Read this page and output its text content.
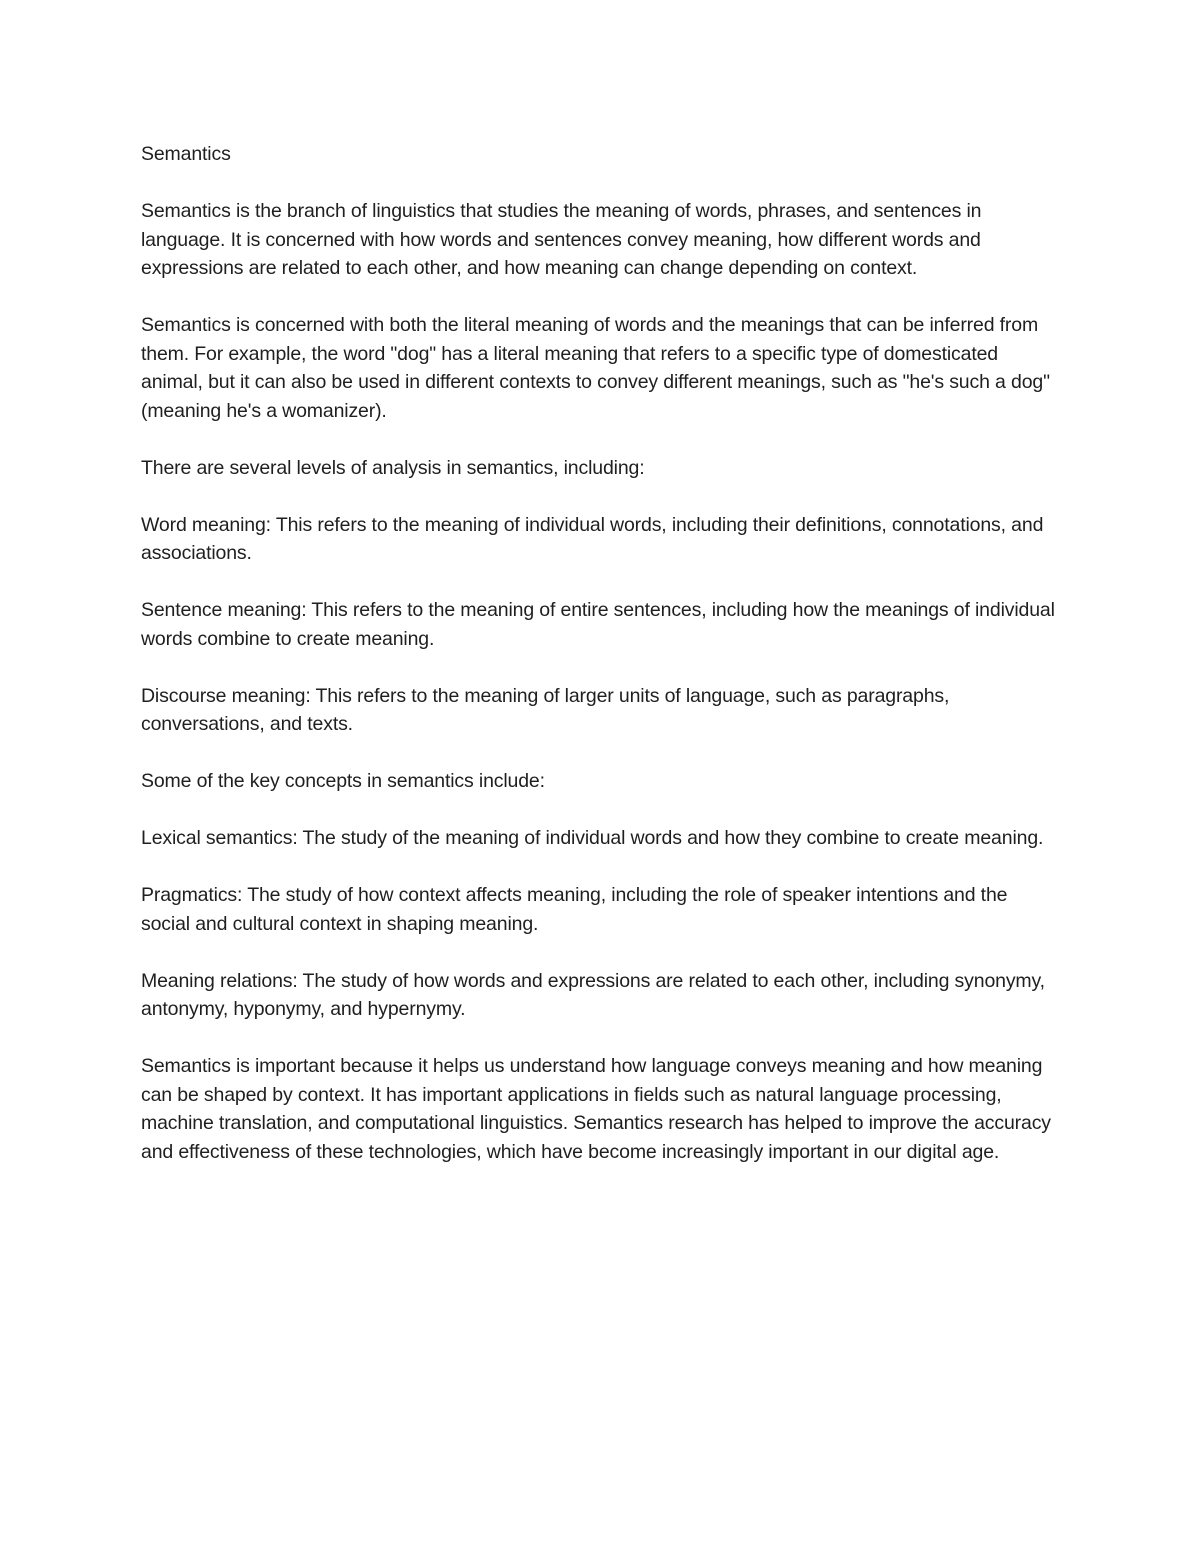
Semantics

Semantics is the branch of linguistics that studies the meaning of words, phrases, and sentences in language. It is concerned with how words and sentences convey meaning, how different words and expressions are related to each other, and how meaning can change depending on context.

Semantics is concerned with both the literal meaning of words and the meanings that can be inferred from them. For example, the word "dog" has a literal meaning that refers to a specific type of domesticated animal, but it can also be used in different contexts to convey different meanings, such as "he's such a dog" (meaning he's a womanizer).

There are several levels of analysis in semantics, including:

Word meaning: This refers to the meaning of individual words, including their definitions, connotations, and associations.

Sentence meaning: This refers to the meaning of entire sentences, including how the meanings of individual words combine to create meaning.

Discourse meaning: This refers to the meaning of larger units of language, such as paragraphs, conversations, and texts.

Some of the key concepts in semantics include:

Lexical semantics: The study of the meaning of individual words and how they combine to create meaning.

Pragmatics: The study of how context affects meaning, including the role of speaker intentions and the social and cultural context in shaping meaning.

Meaning relations: The study of how words and expressions are related to each other, including synonymy, antonymy, hyponymy, and hypernymy.

Semantics is important because it helps us understand how language conveys meaning and how meaning can be shaped by context. It has important applications in fields such as natural language processing, machine translation, and computational linguistics. Semantics research has helped to improve the accuracy and effectiveness of these technologies, which have become increasingly important in our digital age.
